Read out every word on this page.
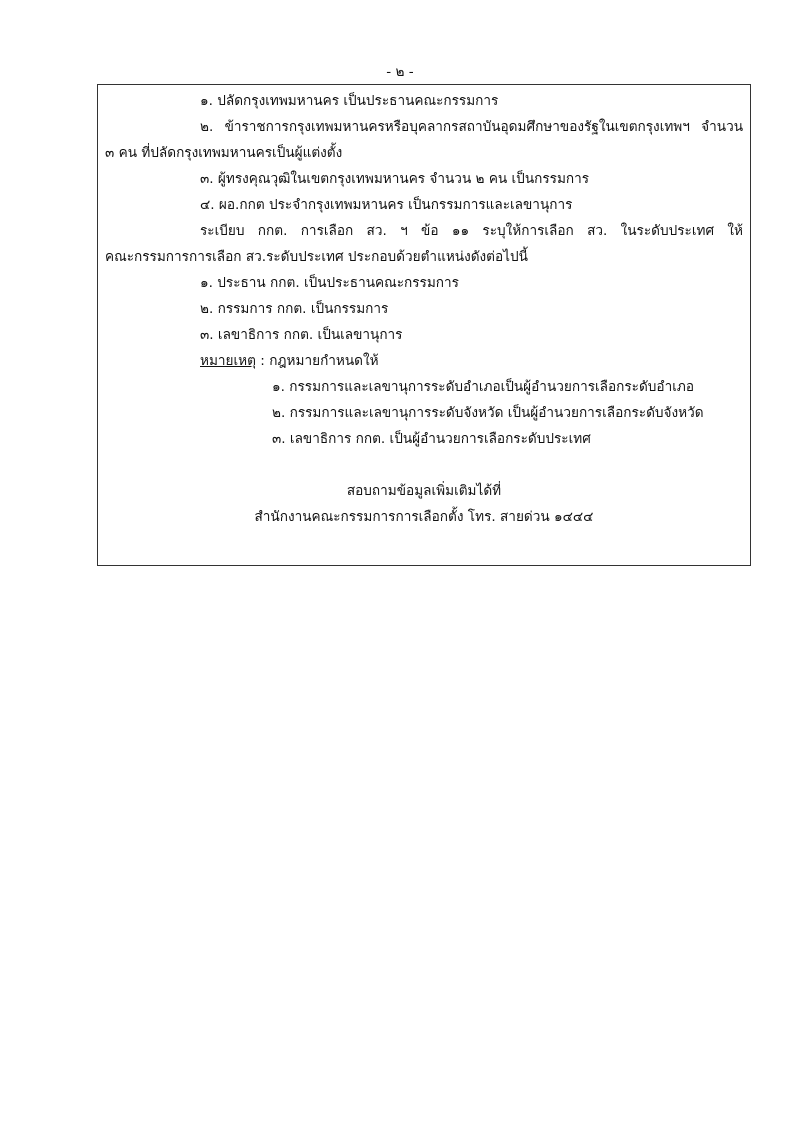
- ๒ -
๑. ปลัดกรุงเทพมหานคร เป็นประธานคณะกรรมการ
๒. ข้าราชการกรุงเทพมหานครหรือบุคลากรสถาบันอุดมศึกษาของรัฐในเขตกรุงเทพฯ จำนวน
๓ คน ที่ปลัดกรุงเทพมหานครเป็นผู้แต่งตั้ง
๓. ผู้ทรงคุณวุฒิในเขตกรุงเทพมหานคร จำนวน ๒ คน เป็นกรรมการ
๔. ผอ.กกต ประจำกรุงเทพมหานคร เป็นกรรมการและเลขานุการ
ระเบียบ กกต. การเลือก สว. ฯ ข้อ ๑๑ ระบุให้การเลือก สว. ในระดับประเทศ ให้
คณะกรรมการการเลือก สว.ระดับประเทศ ประกอบด้วยตำแหน่งดังต่อไปนี้
๑. ประธาน กกต. เป็นประธานคณะกรรมการ
๒. กรรมการ กกต. เป็นกรรมการ
๓. เลขาธิการ กกต. เป็นเลขานุการ
หมายเหตุ : กฎหมายกำหนดให้
๑. กรรมการและเลขานุการระดับอำเภอเป็นผู้อำนวยการเลือกระดับอำเภอ
๒. กรรมการและเลขานุการระดับจังหวัด เป็นผู้อำนวยการเลือกระดับจังหวัด
๓. เลขาธิการ กกต. เป็นผู้อำนวยการเลือกระดับประเทศ
สอบถามข้อมูลเพิ่มเติมได้ที่
สำนักงานคณะกรรมการการเลือกตั้ง โทร. สายด่วน ๑๔๔๔
